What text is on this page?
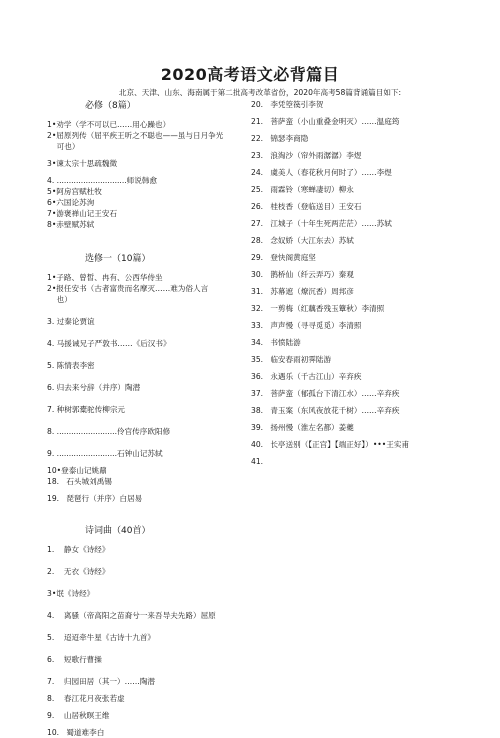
2020高考语文必背篇目
北京、天津、山东、海南属于第二批高考改革省份，2020年高考58篇背诵篇目如下:
必修（8篇）
1•劝学（学不可以已……用心躁也）
2•屈原列传（屈平疾王听之不聪也——虽与日月争光
可也）
3•谏太宗十思疏魏徵
4. .............................师说韩愈
5•阿房宫赋杜牧
6•六国论苏洵
7•游褒禅山记王安石
8•赤壁赋苏轼
选修一（10篇）
1•子路、曾皙、冉有、公西华侍坐
2•报任安书（古者富贵而名摩灭……难为俗人言
也）
3. 过秦论贾谊
4. 马援诫兄子严敦书……《后汉书》
5. 陈情表李密
6. 归去来兮辞（并序）陶潜
7. 种树郭橐驼传柳宗元
8. .........................伶官传序欧阳修
9. .........................石钟山记苏轼
10•登泰山记姚鼐
18.   石头城刘禹锡
19.   琵琶行（并序）白居易
诗词曲（40首）
1.    静女《诗经》
2.    无衣《诗经》
3•氓《诗经》
4.    离骚（帝高阳之苗裔兮一来吾导夫先路）屈原
5.    迢迢牵牛星《古诗十九首》
6.    短歌行曹操
7.    归园田居（其一）……陶潜
8.    春江花月夜张若虚
9.    山居秋暝王维
10.   蜀道难李白
20.   李凭箜篌引李贺
21.   菩萨蛮（小山重叠金明灭）……温庭筠
22.   锦瑟李商隐
23.   浪淘沙（帘外雨潺潺）李煜
24.   虞美人（春花秋月何时了）……李煜
25.   雨霖铃（寒蝉凄切）柳永
26.   桂枝香（登临送目）王安石
27.   江城子（十年生死两茫茫）……苏轼
28.   念奴娇（大江东去）苏轼
29.   登快阁黄庭坚
30.   鹊桥仙（纤云弄巧）秦观
31.   苏幕遮（燎沉香）周邦彦
32.   一剪梅（红藕香残玉簟秋）李清照
33.   声声慢（寻寻觅觅）李清照
34.   书愤陆游
35.   临安春雨初霁陆游
36.   永遇乐（千古江山）辛弃疾
37.   菩萨蛮（郁孤台下清江水）……辛弃疾
38.   青玉案（东风夜放花千树）……辛弃疾
39.   扬州慢（淮左名都）姜夔
40.   长亭送别（【正宫】【端正好】）•••王实甫
41.
